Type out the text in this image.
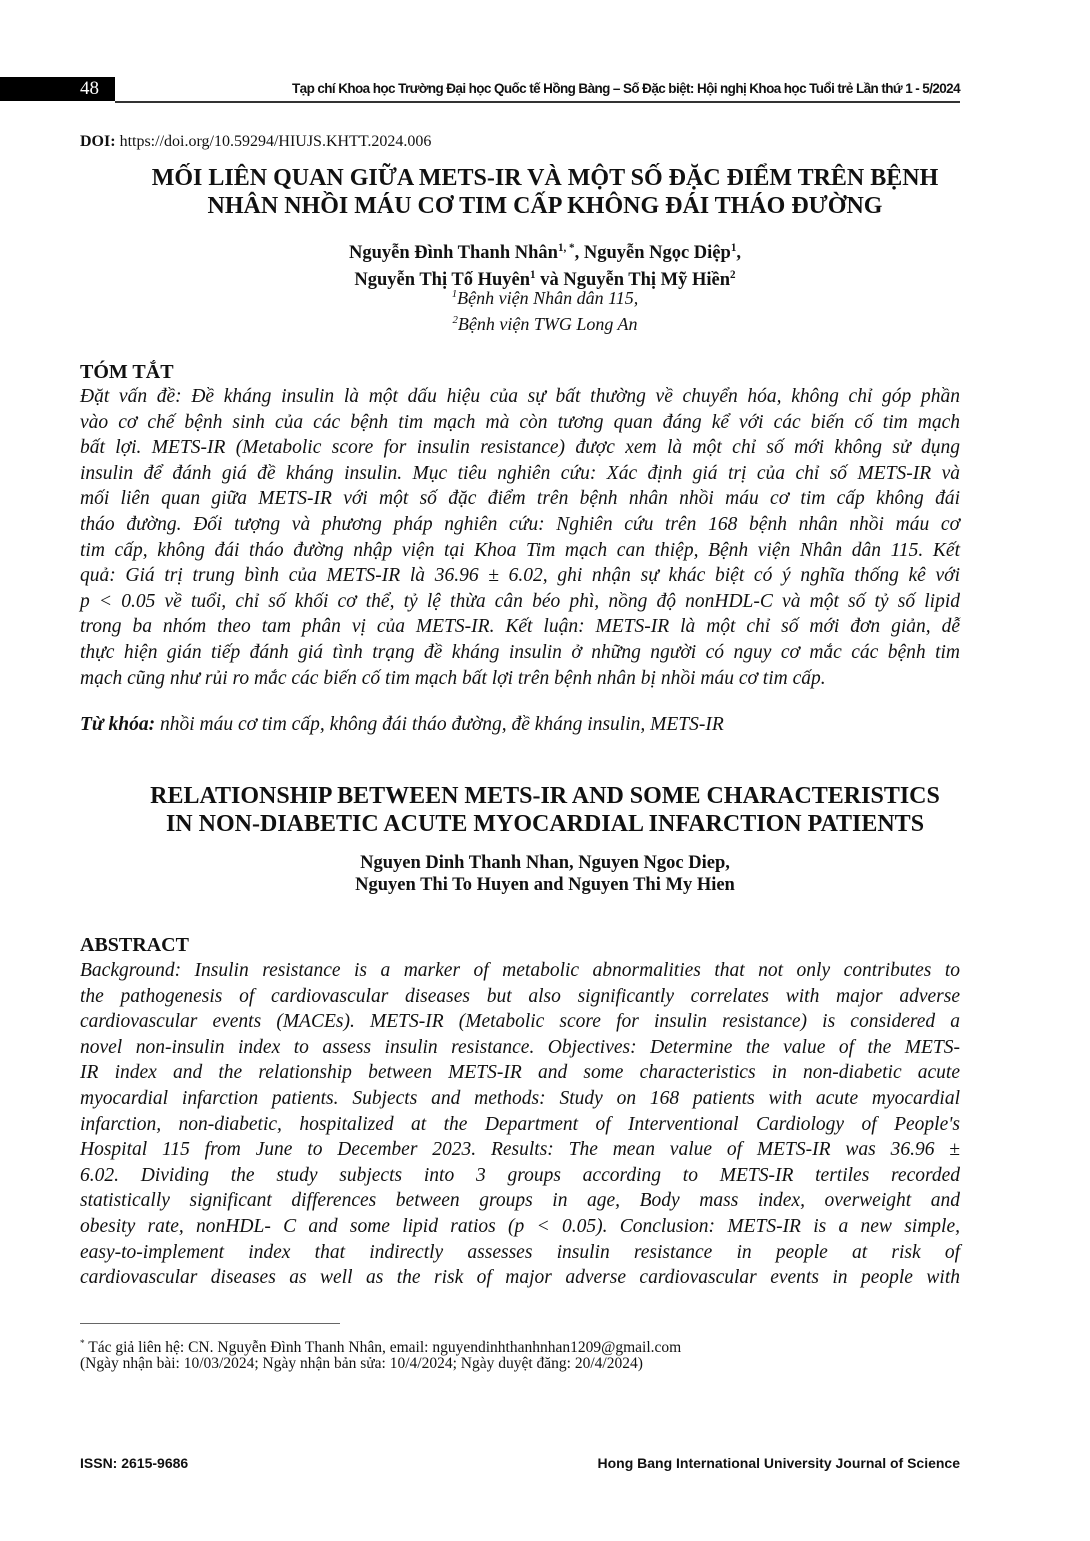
48	Tạp chí Khoa học Trường Đại học Quốc tế Hồng Bàng – Số Đặc biệt: Hội nghị Khoa học Tuổi trẻ Lần thứ 1 - 5/2024
DOI: https://doi.org/10.59294/HIUJS.KHTT.2024.006
MỐI LIÊN QUAN GIỮA METS-IR VÀ MỘT SỐ ĐẶC ĐIỂM TRÊN BỆNH
NHÂN NHỒI MÁU CƠ TIM CẤP KHÔNG ĐÁI THÁO ĐƯỜNG
Nguyễn Đình Thanh Nhân$^{1, *}$, Nguyễn Ngọc Diệp$^1$,
Nguyễn Thị Tố Huyên$^1$ và Nguyễn Thị Mỹ Hiền$^2$
$^1$Bệnh viện Nhân dân 115,
$^2$Bệnh viện TWG Long An
TÓM TẮT
Đặt vấn đề: Đề kháng insulin là một dấu hiệu của sự bất thường về chuyển hóa, không chỉ góp phần
vào cơ chế bệnh sinh của các bệnh tim mạch mà còn tương quan đáng kể với các biến cố tim mạch
bất lợi. METS-IR (Metabolic score for insulin resistance) được xem là một chỉ số mới không sử dụng
insulin để đánh giá đề kháng insulin. Mục tiêu nghiên cứu: Xác định giá trị của chỉ số METS-IR và
mối liên quan giữa METS-IR với một số đặc điểm trên bệnh nhân nhồi máu cơ tim cấp không đái
tháo đường. Đối tượng và phương pháp nghiên cứu: Nghiên cứu trên 168 bệnh nhân nhồi máu cơ
tim cấp, không đái tháo đường nhập viện tại Khoa Tim mạch can thiệp, Bệnh viện Nhân dân 115. Kết
quả: Giá trị trung bình của METS-IR là 36.96 ± 6.02, ghi nhận sự khác biệt có ý nghĩa thống kê với
p < 0.05 về tuổi, chỉ số khối cơ thể, tỷ lệ thừa cân béo phì, nồng độ nonHDL-C và một số tỷ số lipid
trong ba nhóm theo tam phân vị của METS-IR. Kết luận: METS-IR là một chỉ số mới đơn giản, dễ
thực hiện gián tiếp đánh giá tình trạng đề kháng insulin ở những người có nguy cơ mắc các bệnh tim
mạch cũng như rủi ro mắc các biến cố tim mạch bất lợi trên bệnh nhân bị nhồi máu cơ tim cấp.
Từ khóa: nhồi máu cơ tim cấp, không đái tháo đường, đề kháng insulin, METS-IR
RELATIONSHIP BETWEEN METS-IR AND SOME CHARACTERISTICS
IN NON-DIABETIC ACUTE MYOCARDIAL INFARCTION PATIENTS
Nguyen Dinh Thanh Nhan, Nguyen Ngoc Diep,
Nguyen Thi To Huyen and Nguyen Thi My Hien
ABSTRACT
Background: Insulin resistance is a marker of metabolic abnormalities that not only contributes to
the pathogenesis of cardiovascular diseases but also significantly correlates with major adverse
cardiovascular events (MACEs). METS-IR (Metabolic score for insulin resistance) is considered a
novel non-insulin index to assess insulin resistance. Objectives: Determine the value of the METS-
IR index and the relationship between METS-IR and some characteristics in non-diabetic acute
myocardial infarction patients. Subjects and methods: Study on 168 patients with acute myocardial
infarction, non-diabetic, hospitalized at the Department of Interventional Cardiology of People's
Hospital 115 from June to December 2023. Results: The mean value of METS-IR was 36.96 ±
6.02. Dividing the study subjects into 3 groups according to METS-IR tertiles recorded
statistically significant differences between groups in age, Body mass index, overweight and
obesity rate, nonHDL- C and some lipid ratios (p < 0.05). Conclusion: METS-IR is a new simple,
easy-to-implement index that indirectly assesses insulin resistance in people at risk of
cardiovascular diseases as well as the risk of major adverse cardiovascular events in people with
* Tác giả liên hệ: CN. Nguyễn Đình Thanh Nhân, email: nguyendinhthanhnhan1209@gmail.com
(Ngày nhận bài: 10/03/2024; Ngày nhận bản sửa: 10/4/2024; Ngày duyệt đăng: 20/4/2024)
ISSN: 2615-9686	Hong Bang International University Journal of Science
